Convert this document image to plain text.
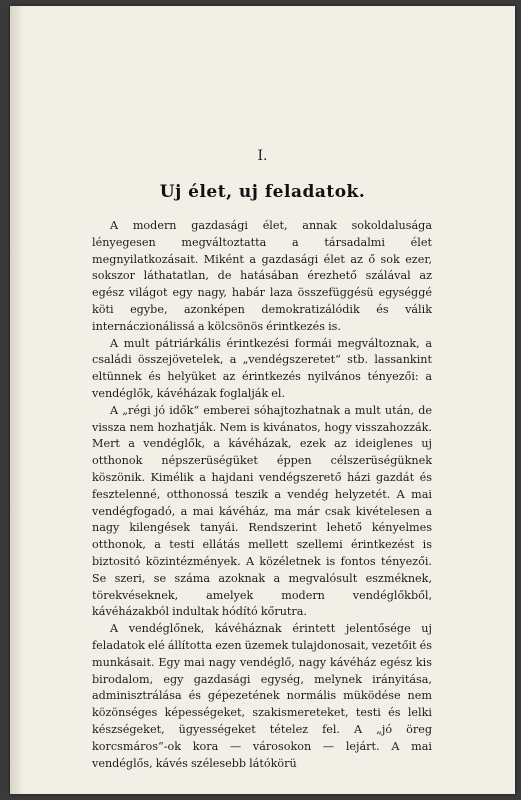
I.
Uj élet, uj feladatok.

A modern gazdasági élet, annak sokoldalusága lényegesen megváltoztatta a társadalmi élet megnyilatkozásait. Miként a gazdasági élet az ő sok ezer, sokszor láthatatlan, de hatásában érezhető szálával az egész világot egy nagy, habár laza összefüggésü egységgé köti egybe, azonképen demokratizálódik és válik internáczionálissá a kölcsönös érintkezés is.

A mult pátriárkális érintkezési formái megváltoznak, a családi összejövetelek, a „vendégszeretet“ stb. lassankint eltünnek és helyüket az érintkezés nyilvános tényezői: a vendéglők, kávéházak foglalják el.

A „régi jó idők“ emberei sóhajtozhatnak a mult után, de vissza nem hozhatják. Nem is kivánatos, hogy visszahozzák. Mert a vendéglők, a kávéházak, ezek az ideiglenes uj otthonok népszerüségüket éppen célszerüségüknek köszönik. Kimélik a hajdani vendégszerető házi gazdát és fesztelenné, otthonossá teszik a vendég helyzetét. A mai vendégfogadó, a mai kávéház, ma már csak kivételesen a nagy kilengések tanyái. Rendszerint lehető kényelmes otthonok, a testi ellátás mellett szellemi érintkezést is biztositó közintézmények. A közéletnek is fontos tényezői. Se szeri, se száma azoknak a megvalósult eszméknek, törekvéseknek, amelyek modern vendéglőkből, kávéházakból indultak hódító kőrutra.

A vendéglőnek, kávéháznak érintett jelentősége uj feladatok elé állította ezen üzemek tulajdonosait, vezetőit és munkásait. Egy mai nagy vendéglő, nagy kávéház egész kis birodalom, egy gazdasági egység, melynek irányitása, adminisztrálása és gépezetének normális müködése nem közönséges képességeket, szakismereteket, testi és lelki készségeket, ügyességeket tételez fel. A „jó öreg korcsmáros“-ok kora — városokon — lejárt. A mai vendéglős, kávés szélesebb látókörü
